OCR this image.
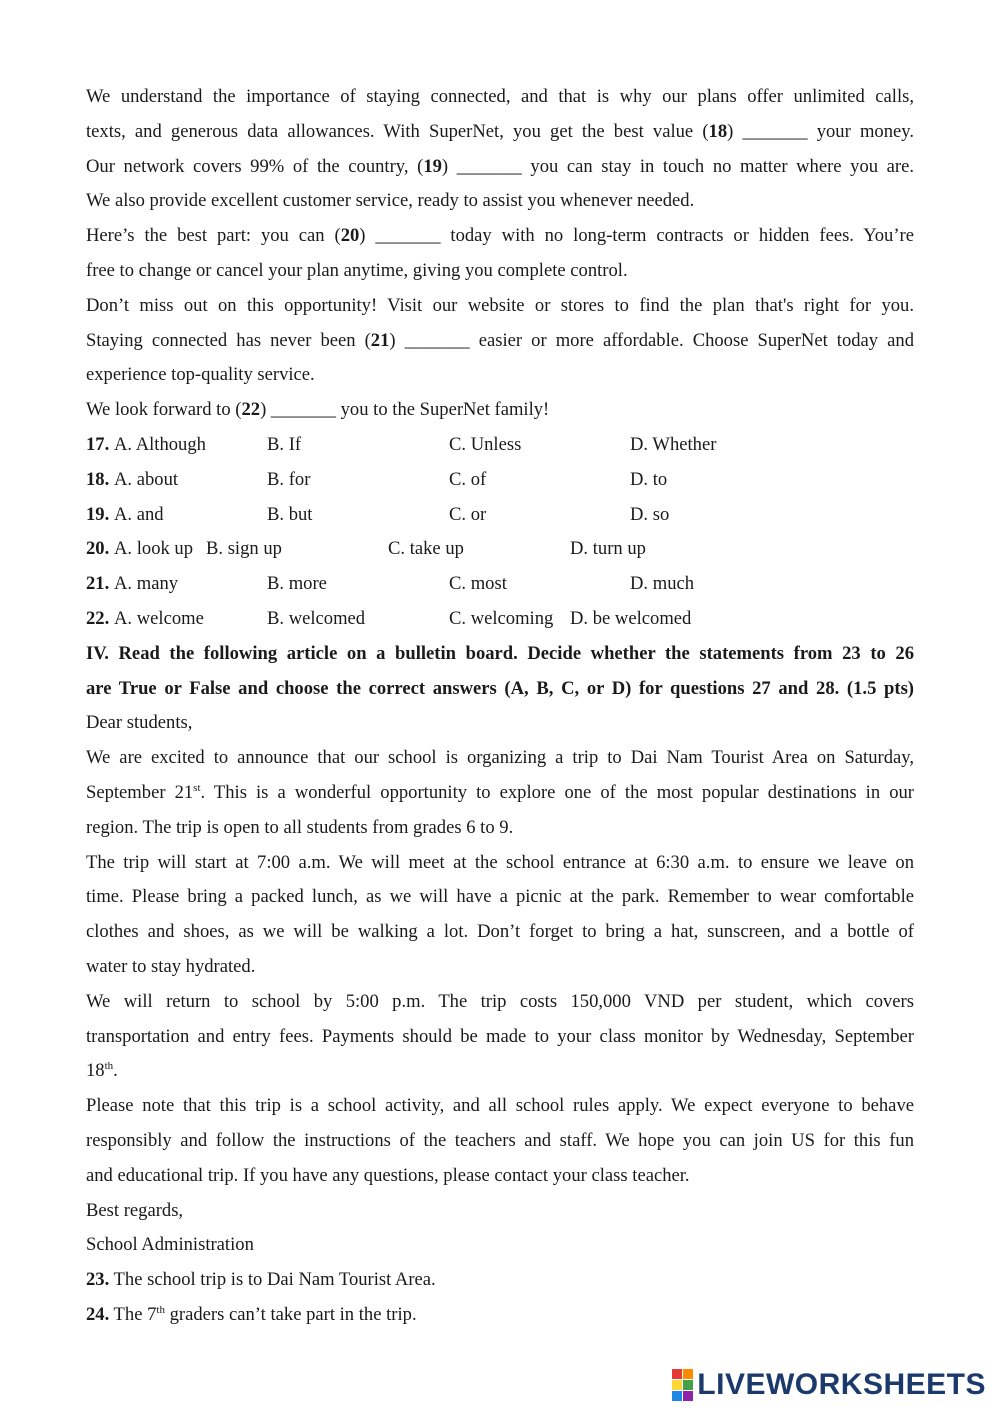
We understand the importance of staying connected, and that is why our plans offer unlimited calls,
texts, and generous data allowances. With SuperNet, you get the best value (18) _______ your money.
Our network covers 99% of the country, (19) _______ you can stay in touch no matter where you are.
We also provide excellent customer service, ready to assist you whenever needed.
Here’s the best part: you can (20) _______ today with no long-term contracts or hidden fees. You’re
free to change or cancel your plan anytime, giving you complete control.
Don’t miss out on this opportunity! Visit our website or stores to find the plan that's right for you.
Staying connected has never been (21) _______ easier or more affordable. Choose SuperNet today and
experience top-quality service.
We look forward to (22) _______ you to the SuperNet family!
17. A. Although	B. If	C. Unless	D. Whether
18. A. about	B. for	C. of	D. to
19. A. and	B. but	C. or	D. so
20. A. look up B. sign up	C. take up	D. turn up
21. A. many	B. more	C. most	D. much
22. A. welcome	B. welcomed	C. welcoming D. be welcomed
IV. Read the following article on a bulletin board. Decide whether the statements from 23 to 26
are True or False and choose the correct answers (A, B, C, or D) for questions 27 and 28. (1.5 pts)
Dear students,
We are excited to announce that our school is organizing a trip to Dai Nam Tourist Area on Saturday,
September 21st. This is a wonderful opportunity to explore one of the most popular destinations in our
region. The trip is open to all students from grades 6 to 9.
The trip will start at 7:00 a.m. We will meet at the school entrance at 6:30 a.m. to ensure we leave on
time. Please bring a packed lunch, as we will have a picnic at the park. Remember to wear comfortable
clothes and shoes, as we will be walking a lot. Don’t forget to bring a hat, sunscreen, and a bottle of
water to stay hydrated.
We will return to school by 5:00 p.m. The trip costs 150,000 VND per student, which covers
transportation and entry fees. Payments should be made to your class monitor by Wednesday, September
18th.
Please note that this trip is a school activity, and all school rules apply. We expect everyone to behave
responsibly and follow the instructions of the teachers and staff. We hope you can join US for this fun
and educational trip. If you have any questions, please contact your class teacher.
Best regards,
School Administration
23. The school trip is to Dai Nam Tourist Area.
24. The 7th graders can’t take part in the trip.
LIVEWORKSHEETS
